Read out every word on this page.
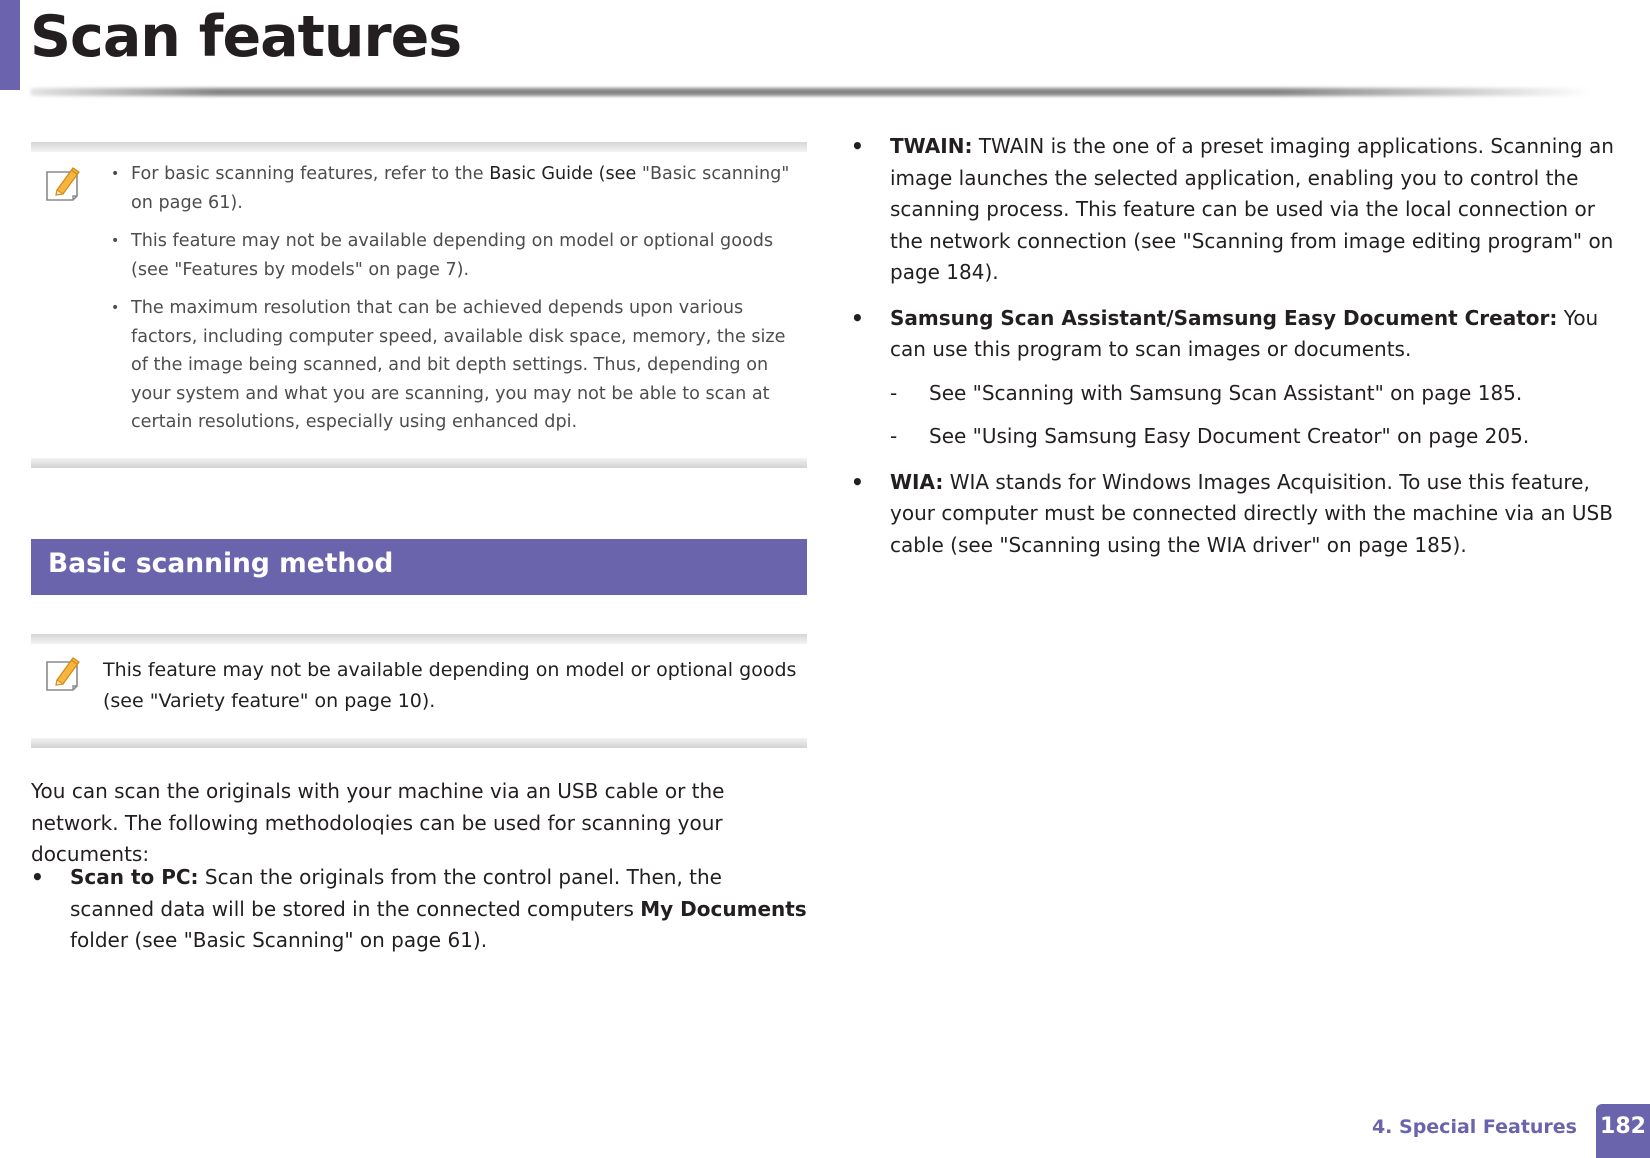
Scan features
• For basic scanning features, refer to the Basic Guide (see "Basic scanning" on page 61).
• This feature may not be available depending on model or optional goods (see "Features by models" on page 7).
• The maximum resolution that can be achieved depends upon various factors, including computer speed, available disk space, memory, the size of the image being scanned, and bit depth settings. Thus, depending on your system and what you are scanning, you may not be able to scan at certain resolutions, especially using enhanced dpi.
Basic scanning method

This feature may not be available depending on model or optional goods (see "Variety feature" on page 10).

You can scan the originals with your machine via an USB cable or the network. The following methodoloqies can be used for scanning your documents:

• Scan to PC: Scan the originals from the control panel. Then, the scanned data will be stored in the connected computers My Documents folder (see "Basic Scanning" on page 61).
• TWAIN: TWAIN is the one of a preset imaging applications. Scanning an image launches the selected application, enabling you to control the scanning process. This feature can be used via the local connection or the network connection (see "Scanning from image editing program" on page 184).
• Samsung Scan Assistant/Samsung Easy Document Creator: You can use this program to scan images or documents.
- See "Scanning with Samsung Scan Assistant" on page 185.
- See "Using Samsung Easy Document Creator" on page 205.
• WIA: WIA stands for Windows Images Acquisition. To use this feature, your computer must be connected directly with the machine via an USB cable (see "Scanning using the WIA driver" on page 185).
4. Special Features 182
